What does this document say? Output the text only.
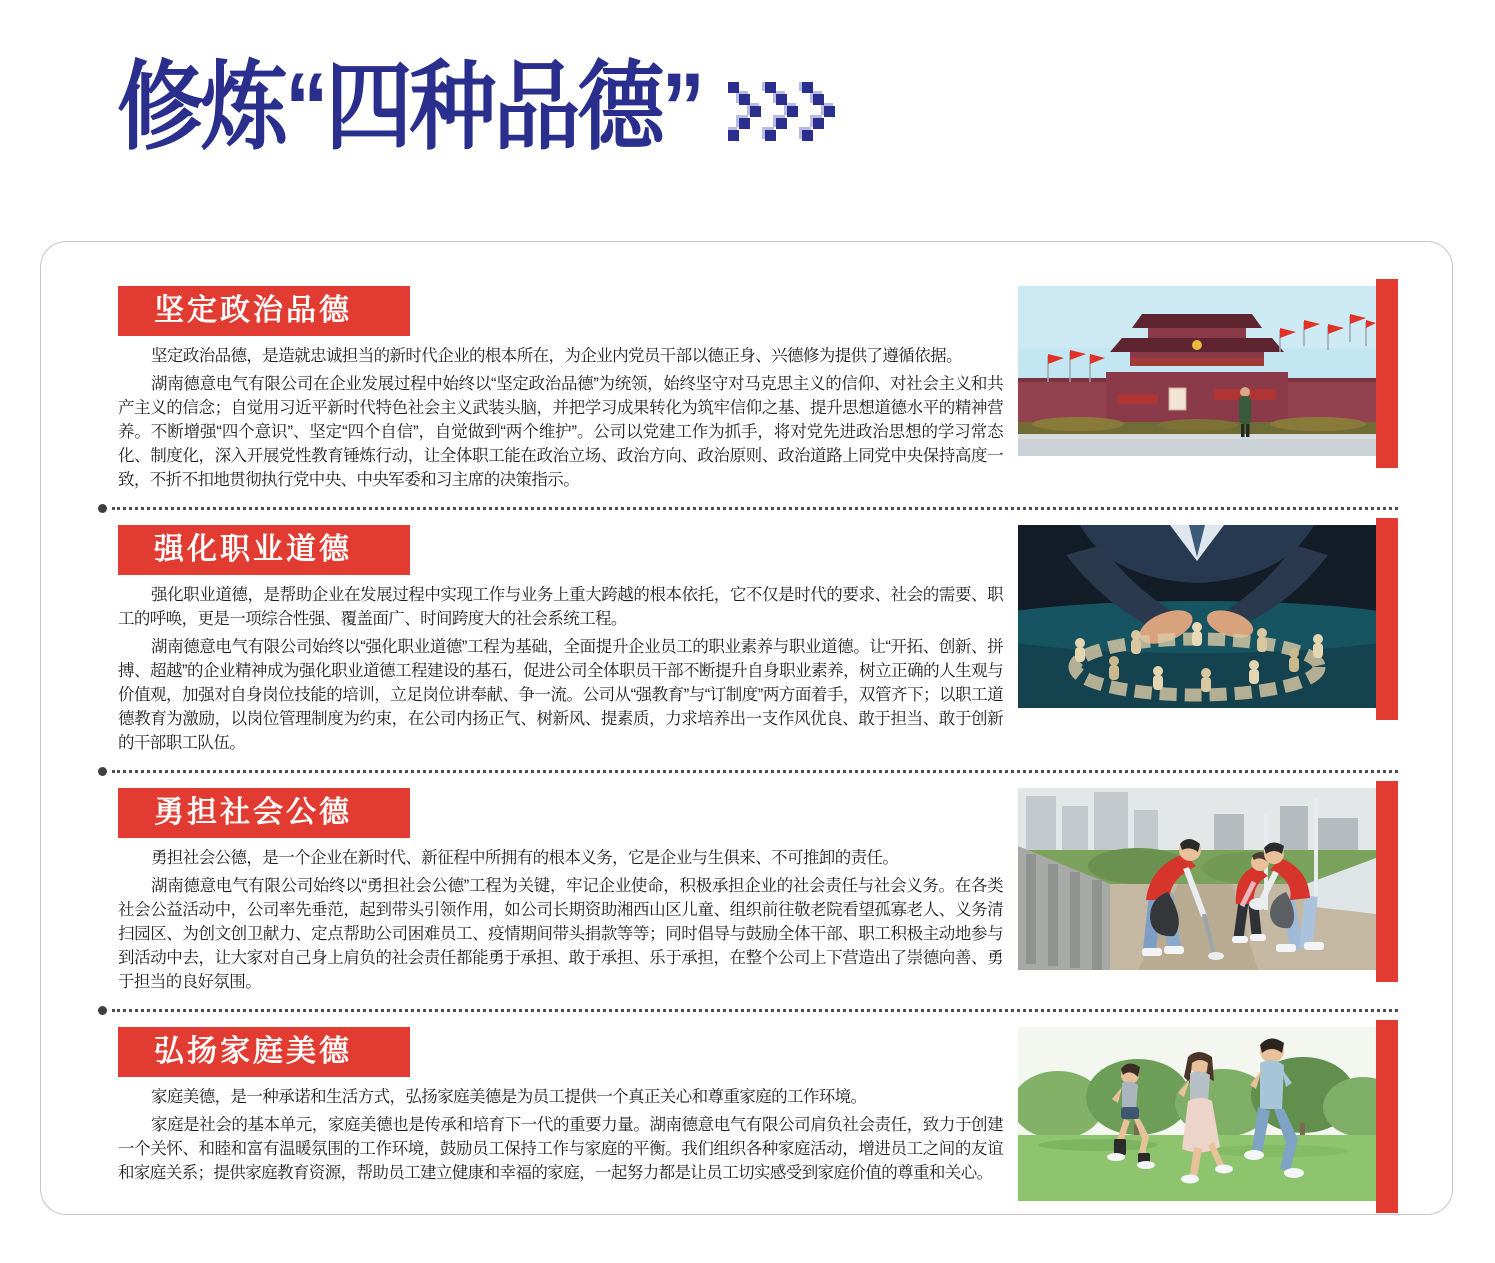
修炼“四种品德”
坚定政治品德

坚定政治品德，是造就忠诚担当的新时代企业的根本所在，为企业内党员干部以德正身、兴德修为提供了遵循依据。

湖南德意电气有限公司在企业发展过程中始终以“坚定政治品德”为统领，始终坚守对马克思主义的信仰、对社会主义和共产主义的信念；自觉用习近平新时代特色社会主义武装头脑，并把学习成果转化为筑牢信仰之基、提升思想道德水平的精神营养。不断增强“四个意识”、坚定“四个自信”，自觉做到“两个维护”。公司以党建工作为抓手，将对党先进政治思想的学习常态化、制度化，深入开展党性教育锤炼行动，让全体职工能在政治立场、政治方向、政治原则、政治道路上同党中央保持高度一致，不折不扣地贯彻执行党中央、中央军委和习主席的决策指示。

强化职业道德

强化职业道德，是帮助企业在发展过程中实现工作与业务上重大跨越的根本依托，它不仅是时代的要求、社会的需要、职工的呼唤，更是一项综合性强、覆盖面广、时间跨度大的社会系统工程。

湖南德意电气有限公司始终以“强化职业道德”工程为基础，全面提升企业员工的职业素养与职业道德。让“开拓、创新、拼搏、超越”的企业精神成为强化职业道德工程建设的基石，促进公司全体职员干部不断提升自身职业素养，树立正确的人生观与价值观，加强对自身岗位技能的培训，立足岗位讲奉献、争一流。公司从“强教育”与“订制度”两方面着手，双管齐下；以职工道德教育为激励，以岗位管理制度为约束，在公司内扬正气、树新风、提素质，力求培养出一支作风优良、敢于担当、敢于创新的干部职工队伍。

勇担社会公德

勇担社会公德，是一个企业在新时代、新征程中所拥有的根本义务，它是企业与生俱来、不可推卸的责任。

湖南德意电气有限公司始终以“勇担社会公德”工程为关键，牢记企业使命，积极承担企业的社会责任与社会义务。在各类社会公益活动中，公司率先垂范，起到带头引领作用，如公司长期资助湘西山区儿童、组织前往敬老院看望孤寡老人、义务清扫园区、为创文创卫献力、定点帮助公司困难员工、疫情期间带头捐款等等；同时倡导与鼓励全体干部、职工积极主动地参与到活动中去，让大家对自己身上肩负的社会责任都能勇于承担、敢于承担、乐于承担，在整个公司上下营造出了崇德向善、勇于担当的良好氛围。

弘扬家庭美德

家庭美德，是一种承诺和生活方式，弘扬家庭美德是为员工提供一个真正关心和尊重家庭的工作环境。

家庭是社会的基本单元，家庭美德也是传承和培育下一代的重要力量。湖南德意电气有限公司肩负社会责任，致力于创建一个关怀、和睦和富有温暖氛围的工作环境，鼓励员工保持工作与家庭的平衡。我们组织各种家庭活动，增进员工之间的友谊和家庭关系；提供家庭教育资源，帮助员工建立健康和幸福的家庭，一起努力都是让员工切实感受到家庭价值的尊重和关心。
